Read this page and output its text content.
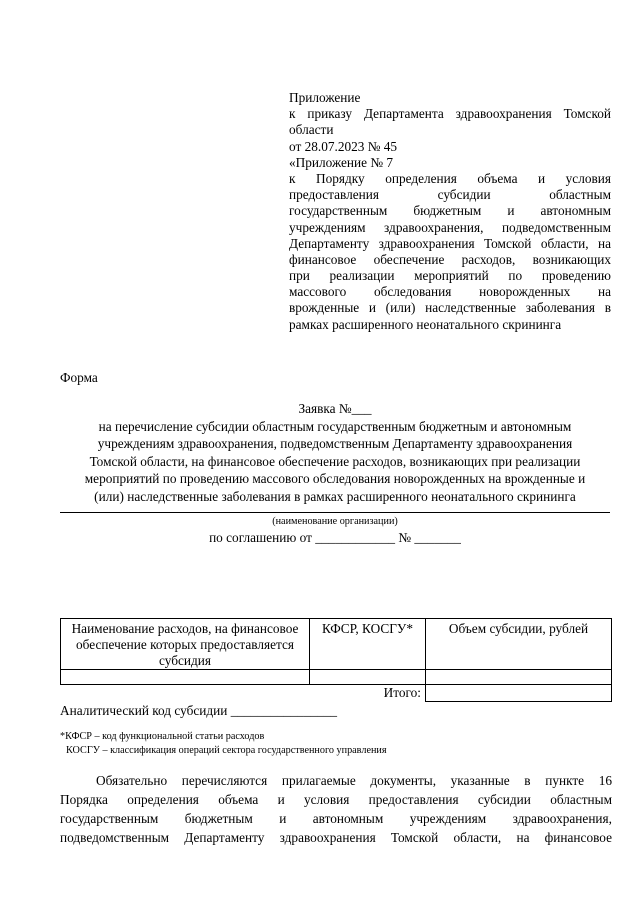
Приложение
к приказу Департамента здравоохранения Томской
области
от 28.07.2023 № 45
«Приложение № 7
к Порядку определения объема и условия
предоставления субсидии областным
государственным бюджетным и автономным
учреждениям здравоохранения, подведомственным
Департаменту здравоохранения Томской области, на
финансовое обеспечение расходов, возникающих
при реализации мероприятий по проведению
массового обследования новорожденных на
врожденные и (или) наследственные заболевания в
рамках расширенного неонатального скрининга
Форма
Заявка №___
на перечисление субсидии областным государственным бюджетным и автономным
учреждениям здравоохранения, подведомственным Департаменту здравоохранения
Томской области, на финансовое обеспечение расходов, возникающих при реализации
мероприятий по проведению массового обследования новорожденных на врожденные и
(или) наследственные заболевания в рамках расширенного неонатального скрининга
(наименование организации)
по соглашению от ____________ № _______
Наименование расходов, на финансовое обеспечение которых предоставляется субсидия	КФСР, КОСГУ*	Объем субсидии, рублей

Итого:		
Аналитический код субсидии ________________
*КФСР – код функциональной статьи расходов
КОСГУ – классификация операций сектора государственного управления
Обязательно перечисляются прилагаемые документы, указанные в пункте 16
Порядка определения объема и условия предоставления субсидии областным
государственным бюджетным и автономным учреждениям здравоохранения,
подведомственным Департаменту здравоохранения Томской области, на финансовое
